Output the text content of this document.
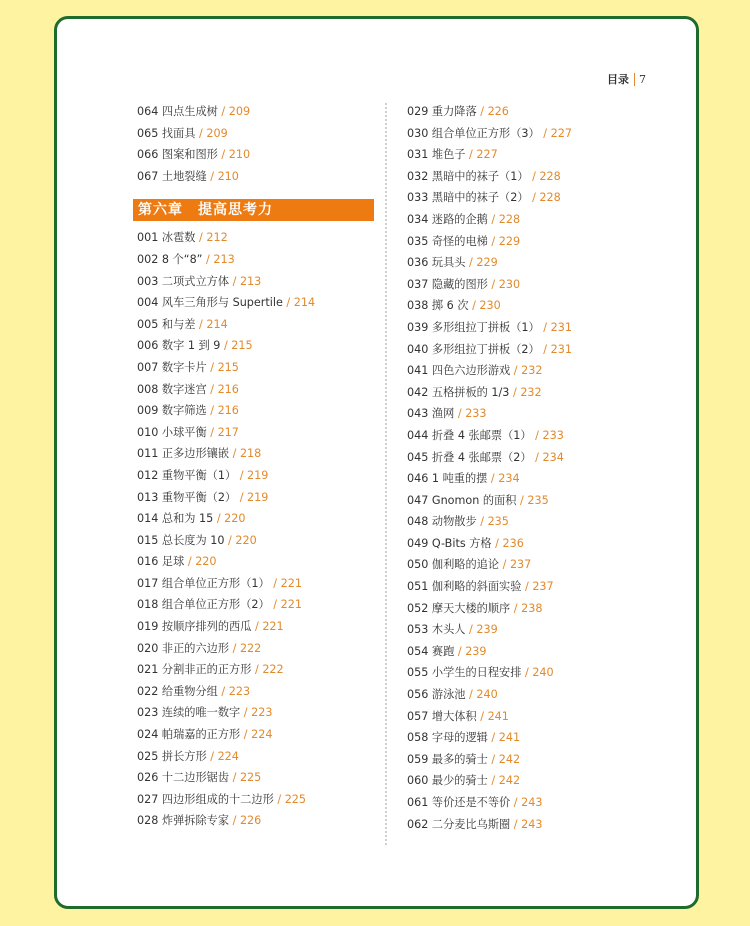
目录 7
064 四点生成树 / 209
065 找面具 / 209
066 图案和图形 / 210
067 土地裂缝 / 210
第六章　提高思考力
001 冰雹数 / 212
002 8 个“8” / 213
003 二项式立方体 / 213
004 风车三角形与 Supertile / 214
005 和与差 / 214
006 数字 1 到 9 / 215
007 数字卡片 / 215
008 数字迷宫 / 216
009 数字筛选 / 216
010 小球平衡 / 217
011 正多边形镶嵌 / 218
012 重物平衡（1） / 219
013 重物平衡（2） / 219
014 总和为 15 / 220
015 总长度为 10 / 220
016 足球 / 220
017 组合单位正方形（1） / 221
018 组合单位正方形（2） / 221
019 按顺序排列的西瓜 / 221
020 非正的六边形 / 222
021 分割非正的正方形 / 222
022 给重物分组 / 223
023 连续的唯一数字 / 223
024 帕瑞嘉的正方形 / 224
025 拼长方形 / 224
026 十二边形锯齿 / 225
027 四边形组成的十二边形 / 225
028 炸弹拆除专家 / 226
029 重力降落 / 226
030 组合单位正方形（3） / 227
031 堆色子 / 227
032 黑暗中的袜子（1） / 228
033 黑暗中的袜子（2） / 228
034 迷路的企鹅 / 228
035 奇怪的电梯 / 229
036 玩具头 / 229
037 隐藏的图形 / 230
038 掷 6 次 / 230
039 多形组拉丁拼板（1） / 231
040 多形组拉丁拼板（2） / 231
041 四色六边形游戏 / 232
042 五格拼板的 1/3 / 232
043 渔网 / 233
044 折叠 4 张邮票（1） / 233
045 折叠 4 张邮票（2） / 234
046 1 吨重的摆 / 234
047 Gnomon 的面积 / 235
048 动物散步 / 235
049 Q-Bits 方格 / 236
050 伽利略的追论 / 237
051 伽利略的斜面实验 / 237
052 摩天大楼的顺序 / 238
053 木头人 / 239
054 赛跑 / 239
055 小学生的日程安排 / 240
056 游泳池 / 240
057 增大体积 / 241
058 字母的逻辑 / 241
059 最多的骑士 / 242
060 最少的骑士 / 242
061 等价还是不等价 / 243
062 二分麦比乌斯圈 / 243
